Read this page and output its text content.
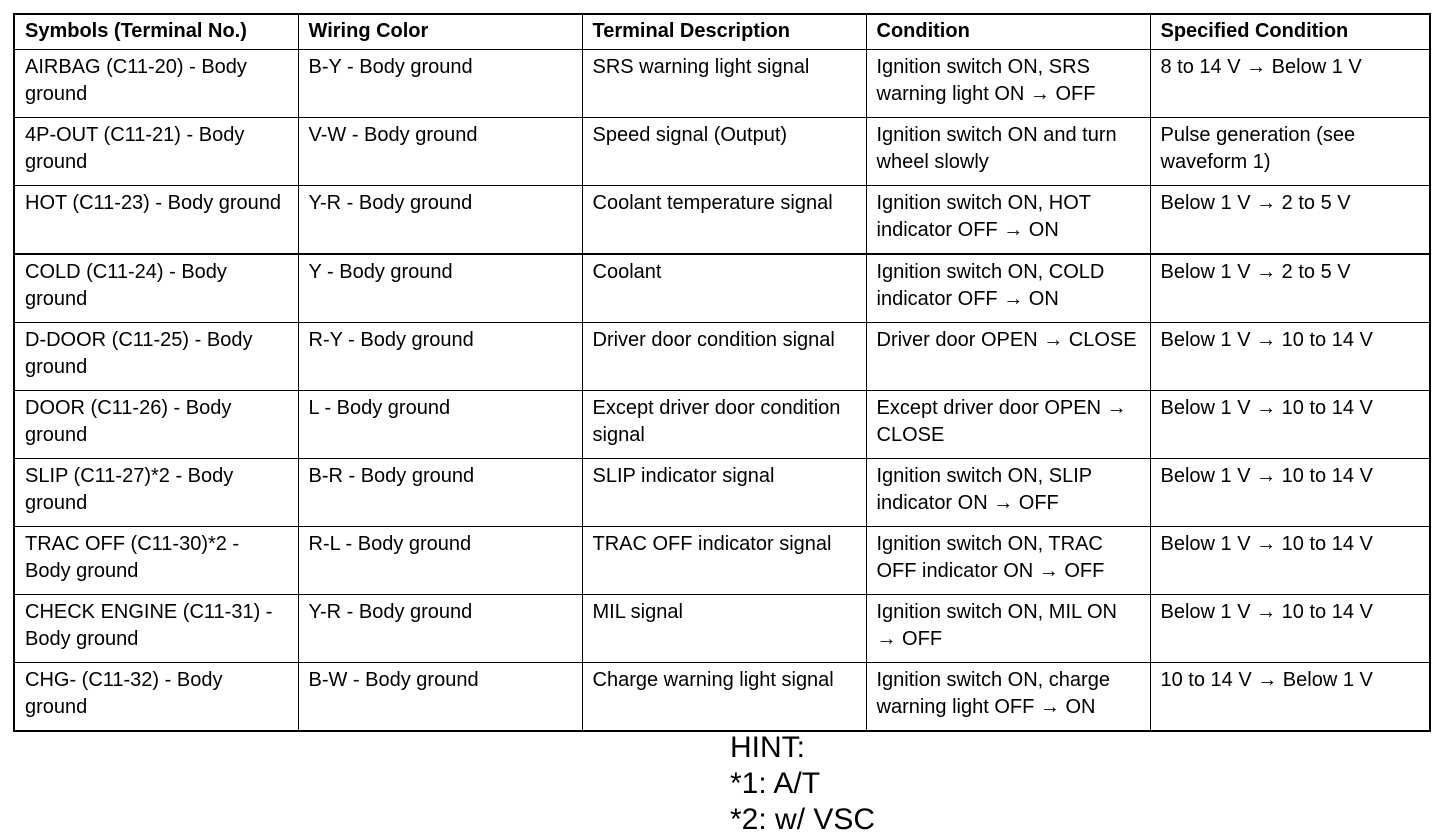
Symbols (Terminal No.)	Wiring Color	Terminal Description	Condition	Specified Condition
AIRBAG (C11-20) - Body ground	B-Y - Body ground	SRS warning light signal	Ignition switch ON, SRS warning light ON → OFF	8 to 14 V → Below 1 V
4P-OUT (C11-21) - Body ground	V-W - Body ground	Speed signal (Output)	Ignition switch ON and turn wheel slowly	Pulse generation (see waveform 1)
HOT (C11-23) - Body ground	Y-R - Body ground	Coolant temperature signal	Ignition switch ON, HOT indicator OFF → ON	Below 1 V → 2 to 5 V
COLD (C11-24) - Body ground	Y - Body ground	Coolant	Ignition switch ON, COLD indicator OFF → ON	Below 1 V → 2 to 5 V
D-DOOR (C11-25) - Body ground	R-Y - Body ground	Driver door condition signal	Driver door OPEN → CLOSE	Below 1 V → 10 to 14 V
DOOR (C11-26) - Body ground	L - Body ground	Except driver door condition signal	Except driver door OPEN → CLOSE	Below 1 V → 10 to 14 V
SLIP (C11-27)*2 - Body ground	B-R - Body ground	SLIP indicator signal	Ignition switch ON, SLIP indicator ON → OFF	Below 1 V → 10 to 14 V
TRAC OFF (C11-30)*2 - Body ground	R-L - Body ground	TRAC OFF indicator signal	Ignition switch ON, TRAC OFF indicator ON → OFF	Below 1 V → 10 to 14 V
CHECK ENGINE (C11-31) - Body ground	Y-R - Body ground	MIL signal	Ignition switch ON, MIL ON → OFF	Below 1 V → 10 to 14 V
CHG- (C11-32) - Body ground	B-W - Body ground	Charge warning light signal	Ignition switch ON, charge warning light OFF → ON	10 to 14 V → Below 1 V
HINT:
*1: A/T
*2: w/ VSC
